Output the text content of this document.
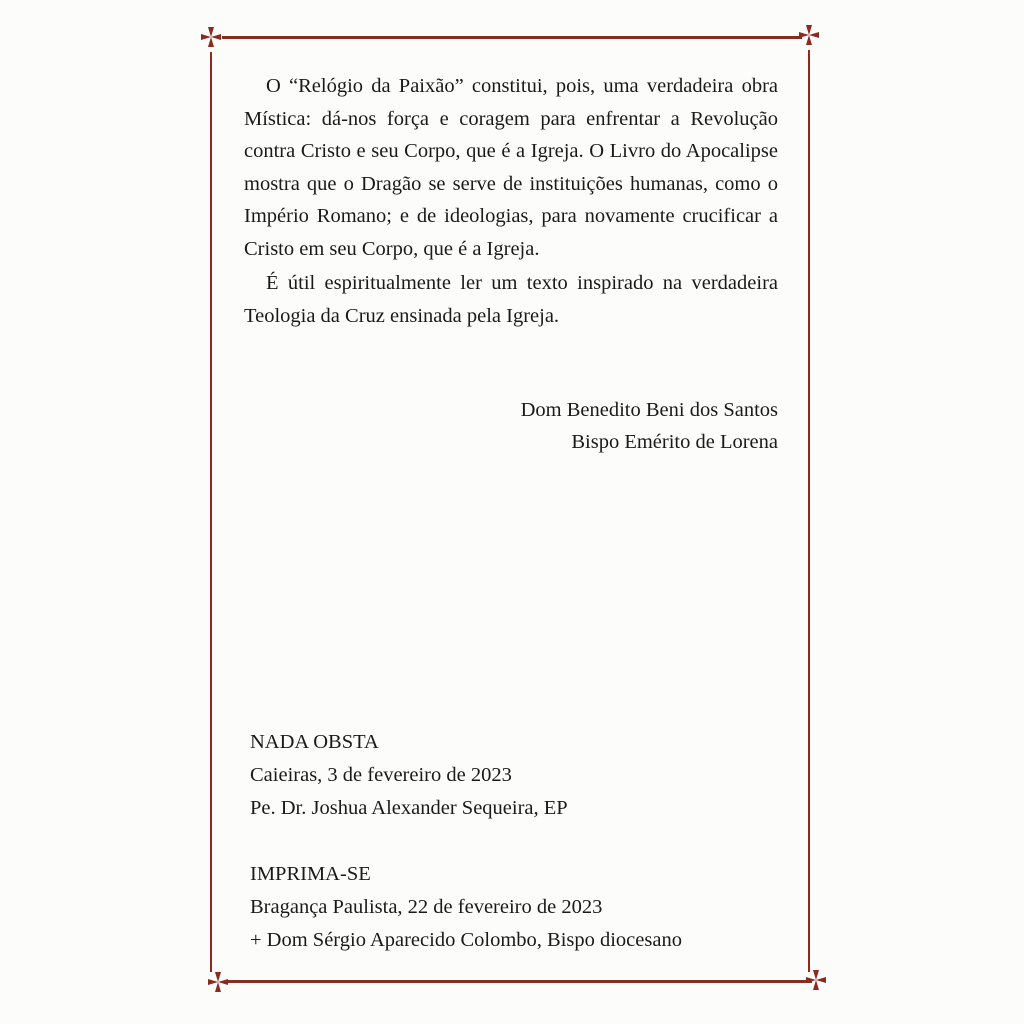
O “Relógio da Paixão” constitui, pois, uma verdadeira obra Mística: dá-nos força e coragem para enfrentar a Revolução contra Cristo e seu Corpo, que é a Igreja. O Livro do Apocalipse mostra que o Dragão se serve de instituições humanas, como o Império Romano; e de ideologias, para novamente crucificar a Cristo em seu Corpo, que é a Igreja.

É útil espiritualmente ler um texto inspirado na verdadeira Teologia da Cruz ensinada pela Igreja.

Dom Benedito Beni dos Santos
Bispo Emérito de Lorena
NADA OBSTA
Caieiras, 3 de fevereiro de 2023
Pe. Dr. Joshua Alexander Sequeira, EP
IMPRIMA-SE
Bragança Paulista, 22 de fevereiro de 2023
+ Dom Sérgio Aparecido Colombo, Bispo diocesano
